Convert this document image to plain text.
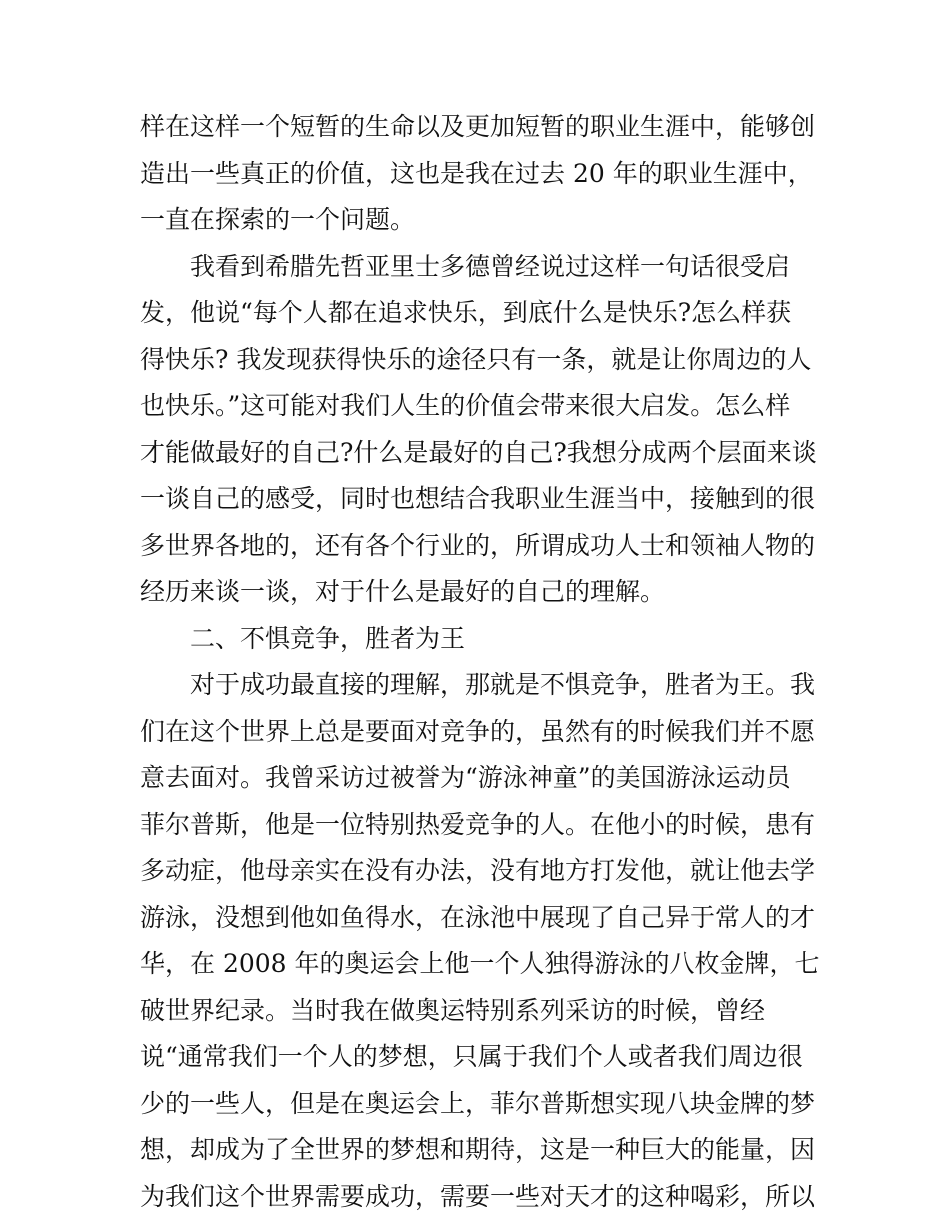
样在这样一个短暂的生命以及更加短暂的职业生涯中，能够创
造出一些真正的价值，这也是我在过去 20 年的职业生涯中，
一直在探索的一个问题。
我看到希腊先哲亚里士多德曾经说过这样一句话很受启
发，他说“每个人都在追求快乐，到底什么是快乐?怎么样获
得快乐? 我发现获得快乐的途径只有一条，就是让你周边的人
也快乐。”这可能对我们人生的价值会带来很大启发。怎么样
才能做最好的自己?什么是最好的自己?我想分成两个层面来谈
一谈自己的感受，同时也想结合我职业生涯当中，接触到的很
多世界各地的，还有各个行业的，所谓成功人士和领袖人物的
经历来谈一谈，对于什么是最好的自己的理解。
二、不惧竞争，胜者为王
对于成功最直接的理解，那就是不惧竞争，胜者为王。我
们在这个世界上总是要面对竞争的，虽然有的时候我们并不愿
意去面对。我曾采访过被誉为“游泳神童”的美国游泳运动员
菲尔普斯，他是一位特别热爱竞争的人。在他小的时候，患有
多动症，他母亲实在没有办法，没有地方打发他，就让他去学
游泳，没想到他如鱼得水，在泳池中展现了自己异于常人的才
华，在 2008 年的奥运会上他一个人独得游泳的八枚金牌，七
破世界纪录。当时我在做奥运特别系列采访的时候，曾经
说“通常我们一个人的梦想，只属于我们个人或者我们周边很
少的一些人，但是在奥运会上，菲尔普斯想实现八块金牌的梦
想，却成为了全世界的梦想和期待，这是一种巨大的能量，因
为我们这个世界需要成功，需要一些对天才的这种喝彩，所以
